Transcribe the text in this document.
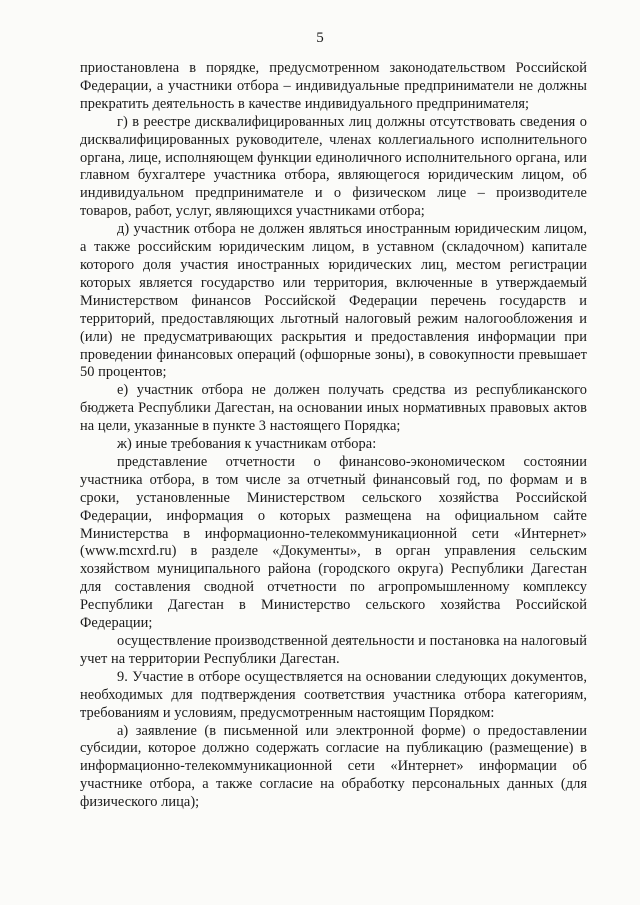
5

приостановлена в порядке, предусмотренном законодательством Российской Федерации, а участники отбора – индивидуальные предприниматели не должны прекратить деятельность в качестве индивидуального предпринимателя;

г) в реестре дисквалифицированных лиц должны отсутствовать сведения о дисквалифицированных руководителе, членах коллегиального исполнительного органа, лице, исполняющем функции единоличного исполнительного органа, или главном бухгалтере участника отбора, являющегося юридическим лицом, об индивидуальном предпринимателе и о физическом лице – производителе товаров, работ, услуг, являющихся участниками отбора;

д) участник отбора не должен являться иностранным юридическим лицом, а также российским юридическим лицом, в уставном (складочном) капитале которого доля участия иностранных юридических лиц, местом регистрации которых является государство или территория, включенные в утверждаемый Министерством финансов Российской Федерации перечень государств и территорий, предоставляющих льготный налоговый режим налогообложения и (или) не предусматривающих раскрытия и предоставления информации при проведении финансовых операций (офшорные зоны), в совокупности превышает 50 процентов;

е) участник отбора не должен получать средства из республиканского бюджета Республики Дагестан, на основании иных нормативных правовых актов на цели, указанные в пункте 3 настоящего Порядка;

ж) иные требования к участникам отбора:

представление отчетности о финансово-экономическом состоянии участника отбора, в том числе за отчетный финансовый год, по формам и в сроки, установленные Министерством сельского хозяйства Российской Федерации, информация о которых размещена на официальном сайте Министерства в информационно-телекоммуникационной сети «Интернет» (www.mcxrd.ru) в разделе «Документы», в орган управления сельским хозяйством муниципального района (городского округа) Республики Дагестан для составления сводной отчетности по агропромышленному комплексу Республики Дагестан в Министерство сельского хозяйства Российской Федерации;

осуществление производственной деятельности и постановка на налоговый учет на территории Республики Дагестан.

9. Участие в отборе осуществляется на основании следующих документов, необходимых для подтверждения соответствия участника отбора категориям, требованиям и условиям, предусмотренным настоящим Порядком:

а) заявление (в письменной или электронной форме) о предоставлении субсидии, которое должно содержать согласие на публикацию (размещение) в информационно-телекоммуникационной сети «Интернет» информации об участнике отбора, а также согласие на обработку персональных данных (для физического лица);
